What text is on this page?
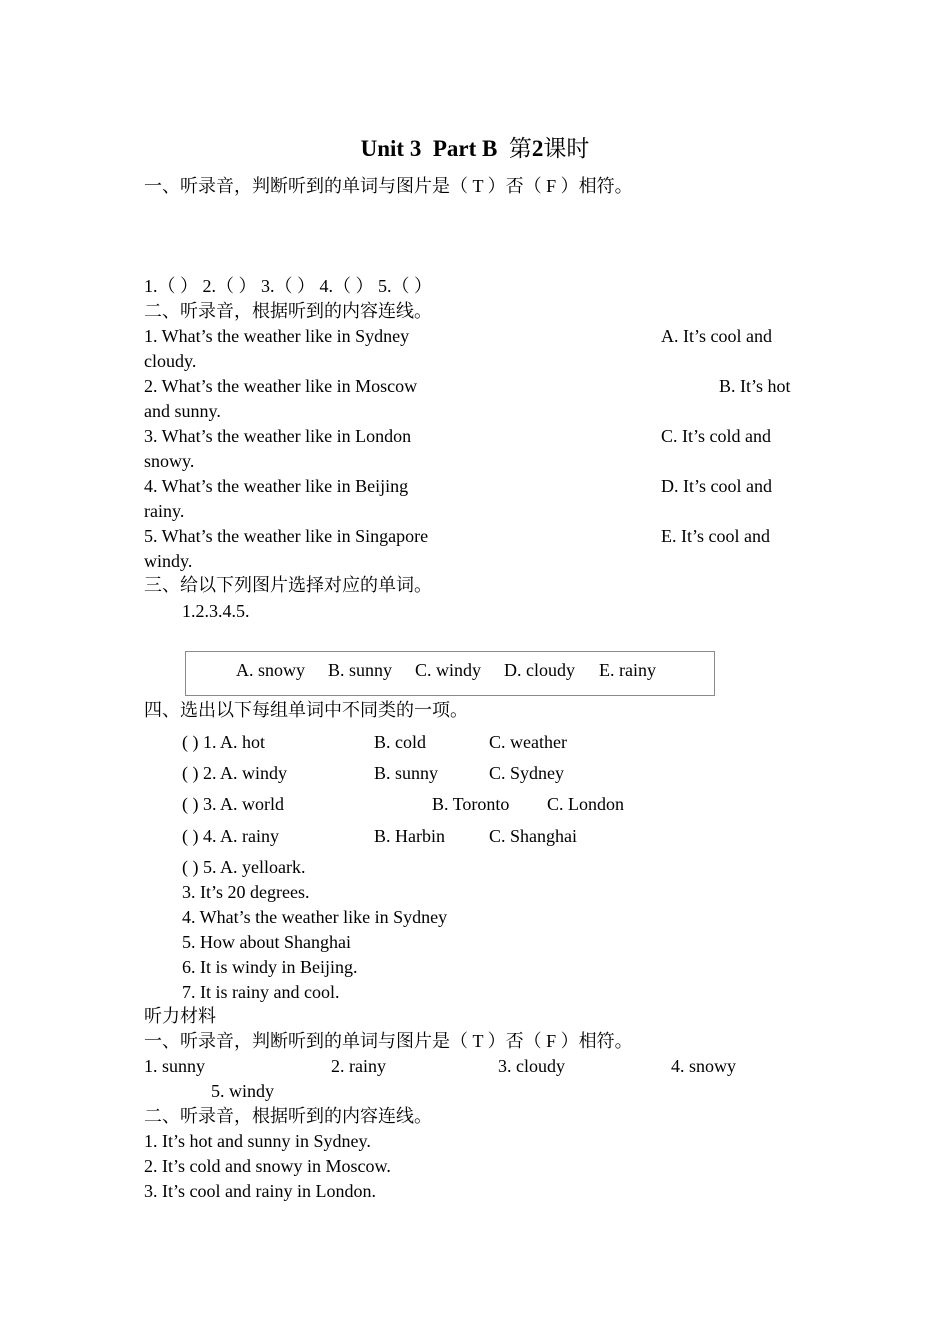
Unit 3 Part B 第2课时
一、听录音，判断听到的单词与图片是（ T ）否（ F ）相符。
1.（ ） 2.（ ） 3.（ ） 4.（ ） 5.（ ）
二、听录音，根据听到的内容连线。
1. What’s the weather like in Sydney	A. It’s cool and
cloudy.
2. What’s the weather like in Moscow	B. It’s hot
and sunny.
3. What’s the weather like in London	C. It’s cold and
snowy.
4. What’s the weather like in Beijing	D. It’s cool and
rainy.
5. What’s the weather like in Singapore	E. It’s cool and
windy.
三、给以下列图片选择对应的单词。
1.2.3.4.5.
A. snowy B. sunny C. windy D. cloudy E. rainy
四、选出以下每组单词中不同类的一项。
( ) 1. A. hot	B. cold	C. weather
( ) 2. A. windy	B. sunny	C. Sydney
( ) 3. A. world	B. Toronto C. London
( ) 4. A. rainy	B. Harbin C. Shanghai
( ) 5. A. yelloark.
3. It’s 20 degrees.
4. What’s the weather like in Sydney
5. How about Shanghai
6. It is windy in Beijing.
7. It is rainy and cool.
听力材料
一、听录音，判断听到的单词与图片是（ T ）否（ F ）相符。
1. sunny	2. rainy	3. cloudy	4. snowy
5. windy
二、听录音，根据听到的内容连线。
1. It’s hot and sunny in Sydney.
2. It’s cold and snowy in Moscow.
3. It’s cool and rainy in London.
